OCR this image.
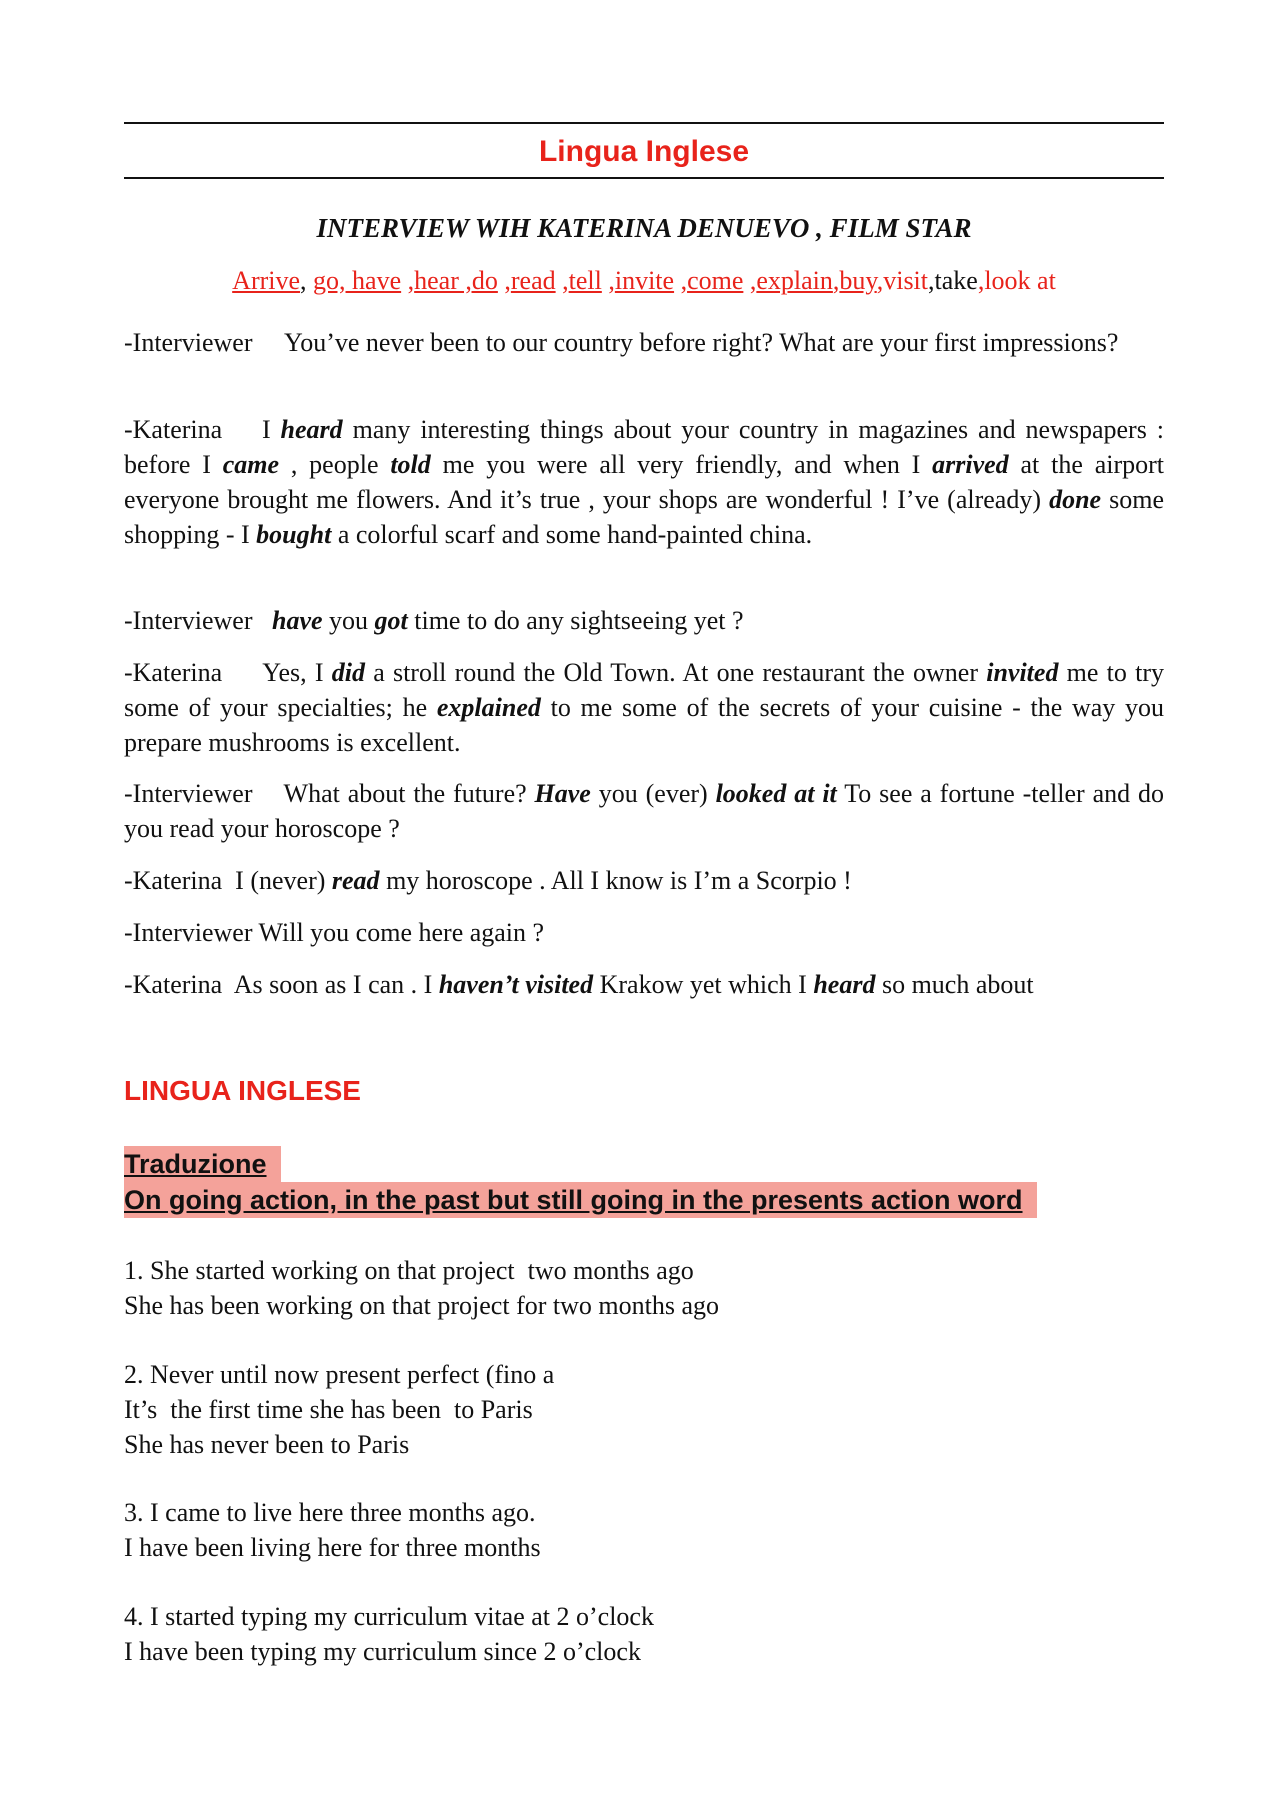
Lingua Inglese
INTERVIEW WIH KATERINA DENUEVO , FILM STAR
Arrive, go, have ,hear ,do ,read ,tell ,invite ,come ,explain,buy,visit,take,look at

-Interviewer     You’ve never been to our country before right? What are your first impressions?

-Katerina    I heard many interesting things about your country in magazines and newspapers : before I came , people told me you were all very friendly, and when I arrived at the airport everyone brought me flowers. And it’s true , your shops are wonderful ! I’ve (already) done some shopping - I bought a colorful scarf and some hand-painted china.

-Interviewer   have you got time to do any sightseeing yet ?

-Katerina     Yes, I did a stroll round the Old Town. At one restaurant the owner invited me to try some of your specialties; he explained to me some of the secrets of your cuisine - the way you prepare mushrooms is excellent.

-Interviewer    What about the future? Have you (ever) looked at it To see a fortune -teller and do you read your horoscope ?

-Katerina  I (never) read my horoscope . All I know is I’m a Scorpio !

-Interviewer Will you come here again ?

-Katerina  As soon as I can . I haven’t visited Krakow yet which I heard so much about

LINGUA INGLESE
Traduzione
On going action, in the past but still going in the presents action word
1. She started working on that project  two months ago
She has been working on that project for two months ago
2. Never until now present perfect (fino a
It’s  the first time she has been  to Paris
She has never been to Paris
3. I came to live here three months ago.
I have been living here for three months
4. I started typing my curriculum vitae at 2 o’clock
I have been typing my curriculum since 2 o’clock
